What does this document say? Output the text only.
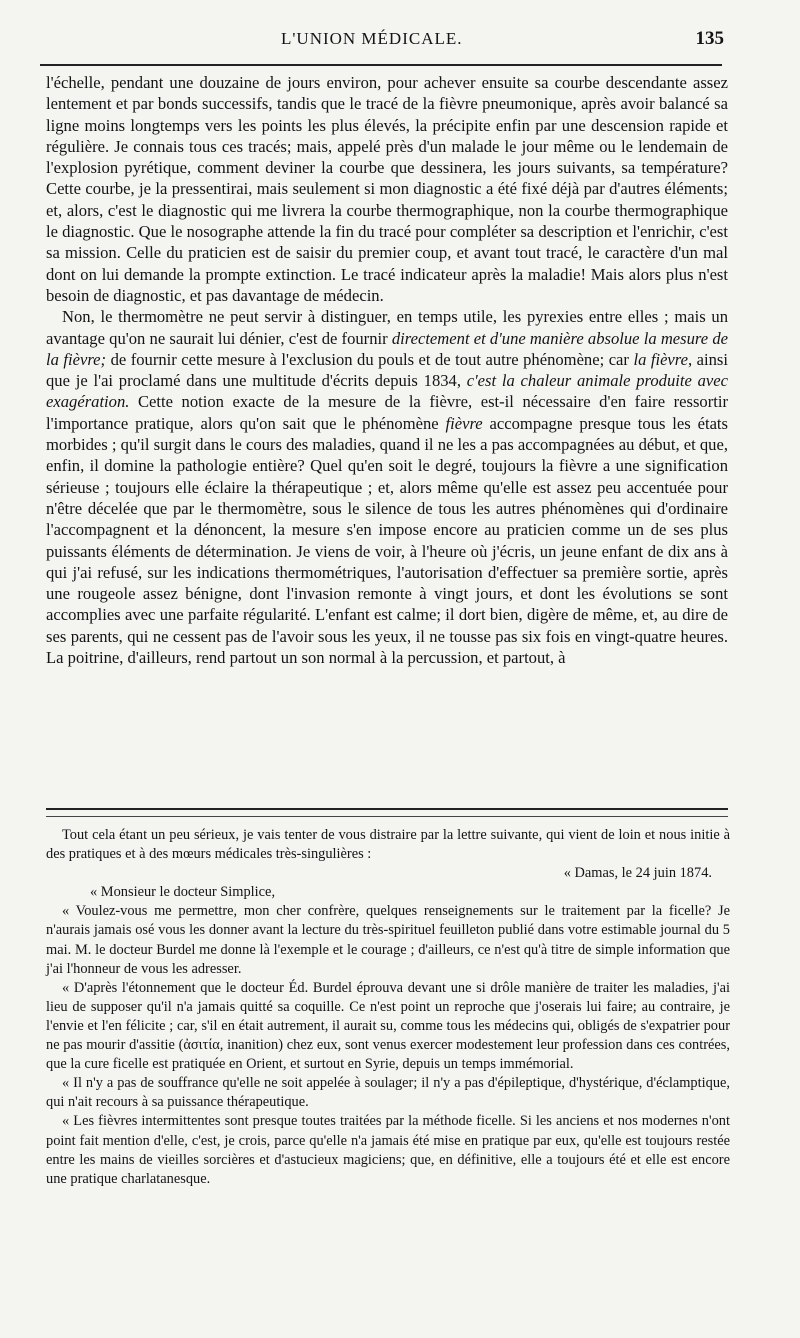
L'UNION MÉDICALE.	135

l'échelle, pendant une douzaine de jours environ, pour achever ensuite sa courbe descendante assez lentement et par bonds successifs, tandis que le tracé de la fièvre pneumonique, après avoir balancé sa ligne moins longtemps vers les points les plus élevés, la précipite enfin par une descension rapide et régulière. Je connais tous ces tracés; mais, appelé près d'un malade le jour même ou le lendemain de l'explosion pyrétique, comment deviner la courbe que dessinera, les jours suivants, sa température? Cette courbe, je la pressentirai, mais seulement si mon diagnostic a été fixé déjà par d'autres éléments; et, alors, c'est le diagnostic qui me livrera la courbe thermographique, non la courbe thermographique le diagnostic. Que le nosographe attende la fin du tracé pour compléter sa description et l'enrichir, c'est sa mission. Celle du praticien est de saisir du premier coup, et avant tout tracé, le caractère d'un mal dont on lui demande la prompte extinction. Le tracé indicateur après la maladie! Mais alors plus n'est besoin de diagnostic, et pas davantage de médecin.

Non, le thermomètre ne peut servir à distinguer, en temps utile, les pyrexies entre elles ; mais un avantage qu'on ne saurait lui dénier, c'est de fournir directement et d'une manière absolue la mesure de la fièvre; de fournir cette mesure à l'exclusion du pouls et de tout autre phénomène; car la fièvre, ainsi que je l'ai proclamé dans une multitude d'écrits depuis 1834, c'est la chaleur animale produite avec exagération. Cette notion exacte de la mesure de la fièvre, est-il nécessaire d'en faire ressortir l'importance pratique, alors qu'on sait que le phénomène fièvre accompagne presque tous les états morbides ; qu'il surgit dans le cours des maladies, quand il ne les a pas accompagnées au début, et que, enfin, il domine la pathologie entière? Quel qu'en soit le degré, toujours la fièvre a une signification sérieuse ; toujours elle éclaire la thérapeutique ; et, alors même qu'elle est assez peu accentuée pour n'être décelée que par le thermomètre, sous le silence de tous les autres phénomènes qui d'ordinaire l'accompagnent et la dénoncent, la mesure s'en impose encore au praticien comme un de ses plus puissants éléments de détermination. Je viens de voir, à l'heure où j'écris, un jeune enfant de dix ans à qui j'ai refusé, sur les indications thermométriques, l'autorisation d'effectuer sa première sortie, après une rougeole assez bénigne, dont l'invasion remonte à vingt jours, et dont les évolutions se sont accomplies avec une parfaite régularité. L'enfant est calme; il dort bien, digère de même, et, au dire de ses parents, qui ne cessent pas de l'avoir sous les yeux, il ne tousse pas six fois en vingt-quatre heures. La poitrine, d'ailleurs, rend partout un son normal à la percussion, et partout, à

Tout cela étant un peu sérieux, je vais tenter de vous distraire par la lettre suivante, qui vient de loin et nous initie à des pratiques et à des mœurs médicales très-singulières :

« Damas, le 24 juin 1874.

« Monsieur le docteur Simplice,

« Voulez-vous me permettre, mon cher confrère, quelques renseignements sur le traitement par la ficelle? Je n'aurais jamais osé vous les donner avant la lecture du très-spirituel feuilleton publié dans votre estimable journal du 5 mai. M. le docteur Burdel me donne là l'exemple et le courage ; d'ailleurs, ce n'est qu'à titre de simple information que j'ai l'honneur de vous les adresser.

« D'après l'étonnement que le docteur Éd. Burdel éprouva devant une si drôle manière de traiter les maladies, j'ai lieu de supposer qu'il n'a jamais quitté sa coquille. Ce n'est point un reproche que j'oserais lui faire; au contraire, je l'envie et l'en félicite ; car, s'il en était autrement, il aurait su, comme tous les médecins qui, obligés de s'expatrier pour ne pas mourir d'assitie (ἀσιτία, inanition) chez eux, sont venus exercer modestement leur profession dans ces contrées, que la cure ficelle est pratiquée en Orient, et surtout en Syrie, depuis un temps immémorial.

« Il n'y a pas de souffrance qu'elle ne soit appelée à soulager; il n'y a pas d'épileptique, d'hystérique, d'éclamptique, qui n'ait recours à sa puissance thérapeutique.

« Les fièvres intermittentes sont presque toutes traitées par la méthode ficelle. Si les anciens et nos modernes n'ont point fait mention d'elle, c'est, je crois, parce qu'elle n'a jamais été mise en pratique par eux, qu'elle est toujours restée entre les mains de vieilles sorcières et d'astucieux magiciens; que, en définitive, elle a toujours été et elle est encore une pratique charlatanesque.
